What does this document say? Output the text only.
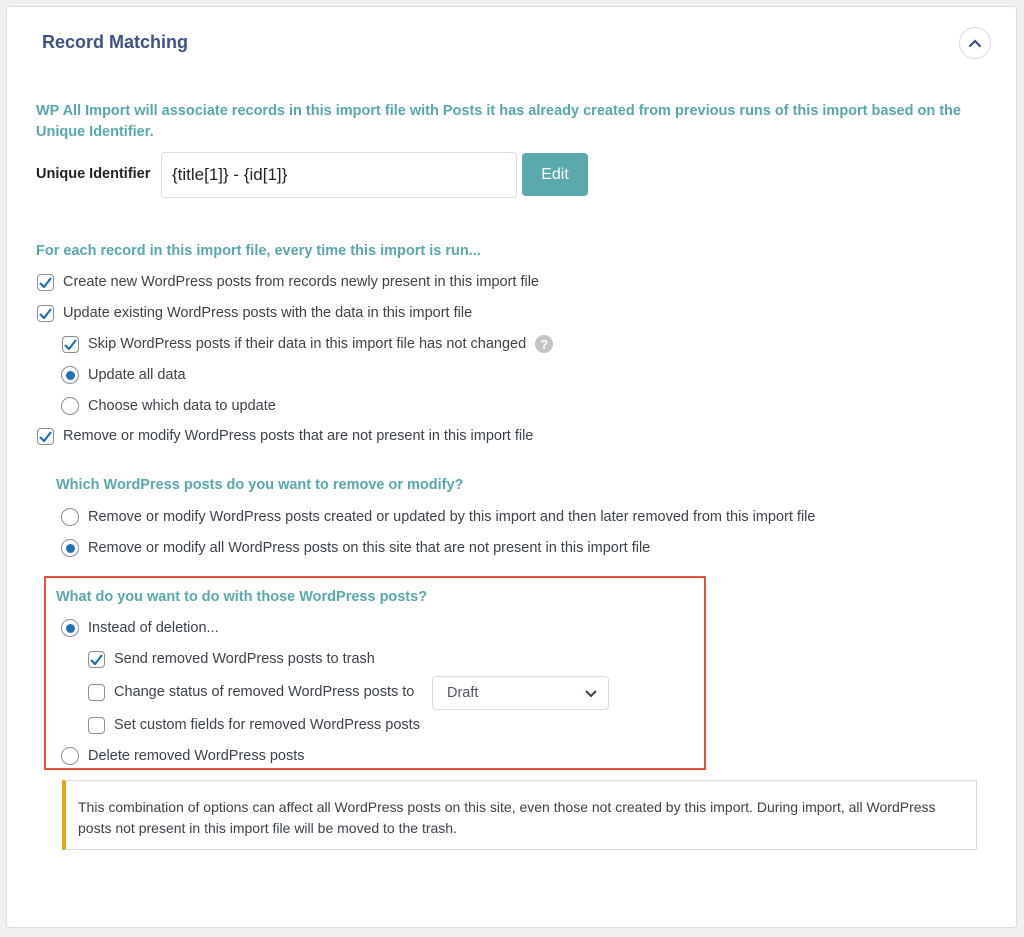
Record Matching
WP All Import will associate records in this import file with Posts it has already created from previous runs of this import based on the Unique Identifier.
Unique Identifier
{title[1]} - {id[1]}	Edit
For each record in this import file, every time this import is run...
Create new WordPress posts from records newly present in this import file
Update existing WordPress posts with the data in this import file
Skip WordPress posts if their data in this import file has not changed	?
Update all data
Choose which data to update
Remove or modify WordPress posts that are not present in this import file
Which WordPress posts do you want to remove or modify?
Remove or modify WordPress posts created or updated by this import and then later removed from this import file
Remove or modify all WordPress posts on this site that are not present in this import file
What do you want to do with those WordPress posts?
Instead of deletion...
Send removed WordPress posts to trash
Change status of removed WordPress posts to Draft
Set custom fields for removed WordPress posts
Delete removed WordPress posts
This combination of options can affect all WordPress posts on this site, even those not created by this import. During import, all WordPress posts not present in this import file will be moved to the trash.
